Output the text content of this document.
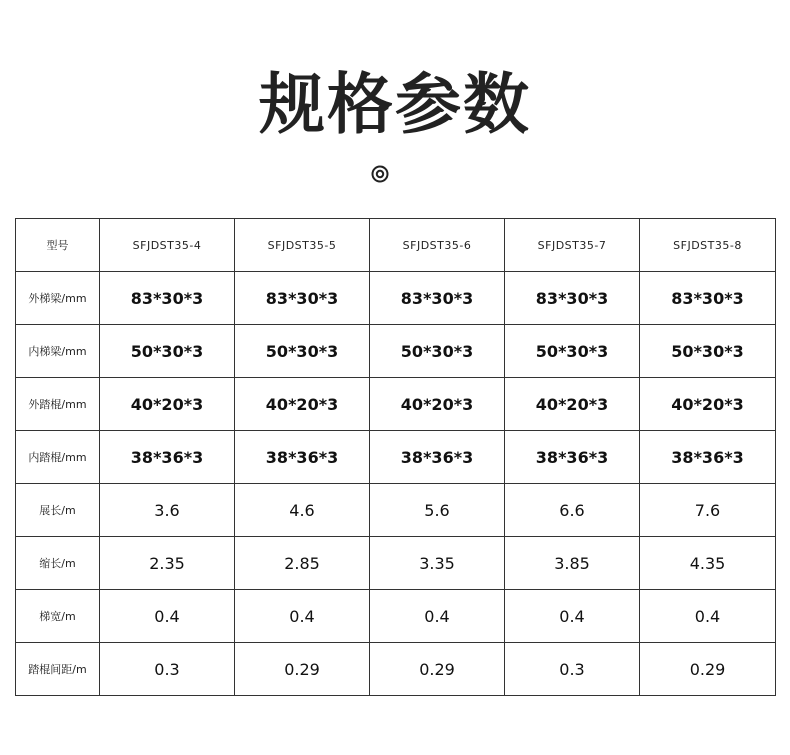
规格参数
型号	SFJDST35-4	SFJDST35-5	SFJDST35-6	SFJDST35-7	SFJDST35-8
外梯梁/mm	83*30*3	83*30*3	83*30*3	83*30*3	83*30*3
内梯梁/mm	50*30*3	50*30*3	50*30*3	50*30*3	50*30*3
外踏棍/mm	40*20*3	40*20*3	40*20*3	40*20*3	40*20*3
内踏棍/mm	38*36*3	38*36*3	38*36*3	38*36*3	38*36*3
展长/m	3.6	4.6	5.6	6.6	7.6
缩长/m	2.35	2.85	3.35	3.85	4.35
梯宽/m	0.4	0.4	0.4	0.4	0.4
踏棍间距/m	0.3	0.29	0.29	0.3	0.29
